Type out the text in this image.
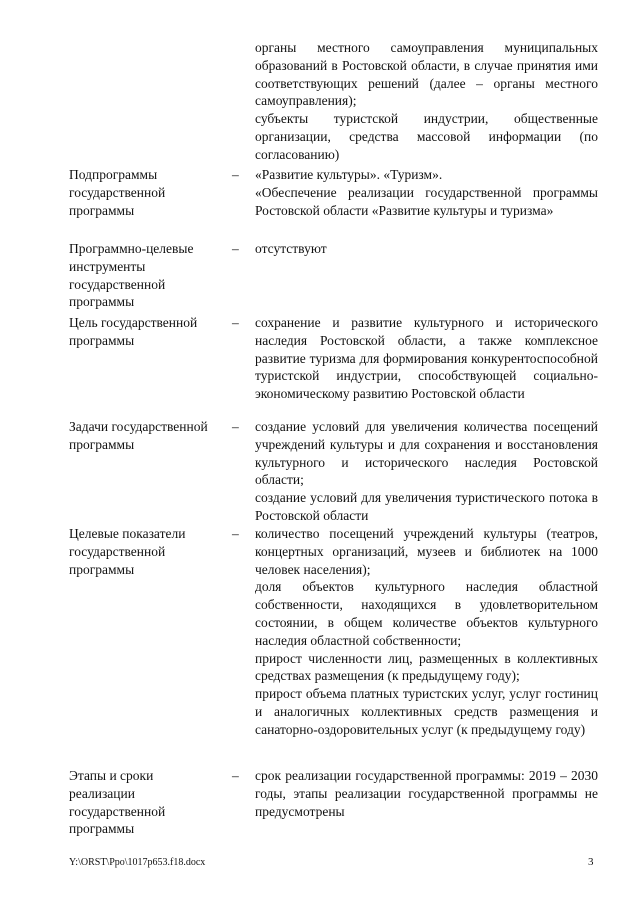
органы местного самоуправления муниципальных образований в Ростовской области, в случае принятия ими соответствующих решений (далее – органы местного самоуправления);

субъекты туристской индустрии, общественные организации, средства массовой информации (по согласованию)

Подпрограммы государственной программы
– «Развитие культуры». «Туризм».

«Обеспечение реализации государственной программы Ростовской области «Развитие культуры и туризма»

Программно-целевые инструменты государственной программы
– отсутствуют

Цель государственной программы
– сохранение и развитие культурного и исторического наследия Ростовской области, а также комплексное развитие туризма для формирования конкурентоспособной туристской индустрии, способствующей социально-экономическому развитию Ростовской области

Задачи государственной программы
– создание условий для увеличения количества посещений учреждений культуры и для сохранения и восстановления культурного и исторического наследия Ростовской области;

создание условий для увеличения туристического потока в Ростовской области

Целевые показатели государственной программы
– количество посещений учреждений культуры (театров, концертных организаций, музеев и библиотек на 1000 человек населения);

доля объектов культурного наследия областной собственности, находящихся в удовлетворительном состоянии, в общем количестве объектов культурного наследия областной собственности;

прирост численности лиц, размещенных в коллективных средствах размещения (к предыдущему году);

прирост объема платных туристских услуг, услуг гостиниц и аналогичных коллективных средств размещения и санаторно-оздоровительных услуг (к предыдущему году)

Этапы и сроки реализации государственной программы
– срок реализации государственной программы: 2019 – 2030 годы, этапы реализации государственной программы не предусмотрены

Y:\ORST\Ppo\1017p653.f18.docx	3
